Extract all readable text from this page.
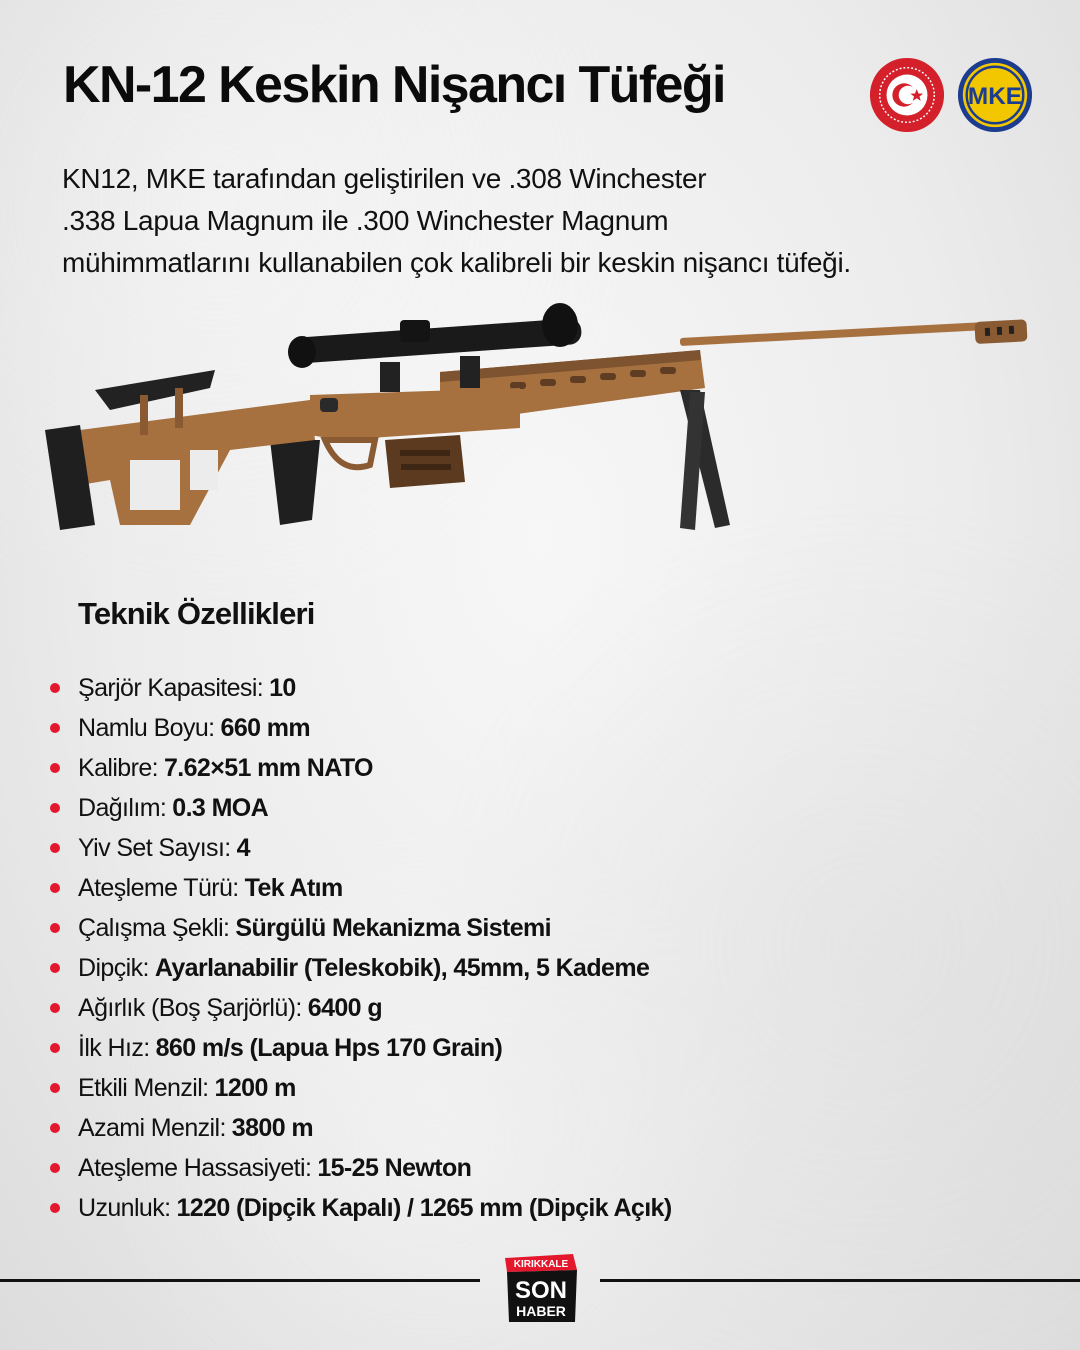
KN-12 Keskin Nişancı Tüfeği	MKE
KN12, MKE tarafından geliştirilen ve .308 Winchester
.338 Lapua Magnum ile .300 Winchester Magnum
mühimmatlarını kullanabilen çok kalibreli bir keskin nişancı tüfeği.
Teknik Özellikleri
Şarjör Kapasitesi: 10
Namlu Boyu: 660 mm
Kalibre: 7.62×51 mm NATO
Dağılım: 0.3 MOA
Yiv Set Sayısı: 4
Ateşleme Türü: Tek Atım
Çalışma Şekli: Sürgülü Mekanizma Sistemi
Dipçik: Ayarlanabilir (Teleskobik), 45mm, 5 Kademe
Ağırlık (Boş Şarjörlü): 6400 g
İlk Hız: 860 m/s (Lapua Hps 170 Grain)
Etkili Menzil: 1200 m
Azami Menzil: 3800 m
Ateşleme Hassasiyeti: 15-25 Newton
Uzunluk: 1220 (Dipçik Kapalı) / 1265 mm (Dipçik Açık)
KIRIKKALE
SON
HABER
